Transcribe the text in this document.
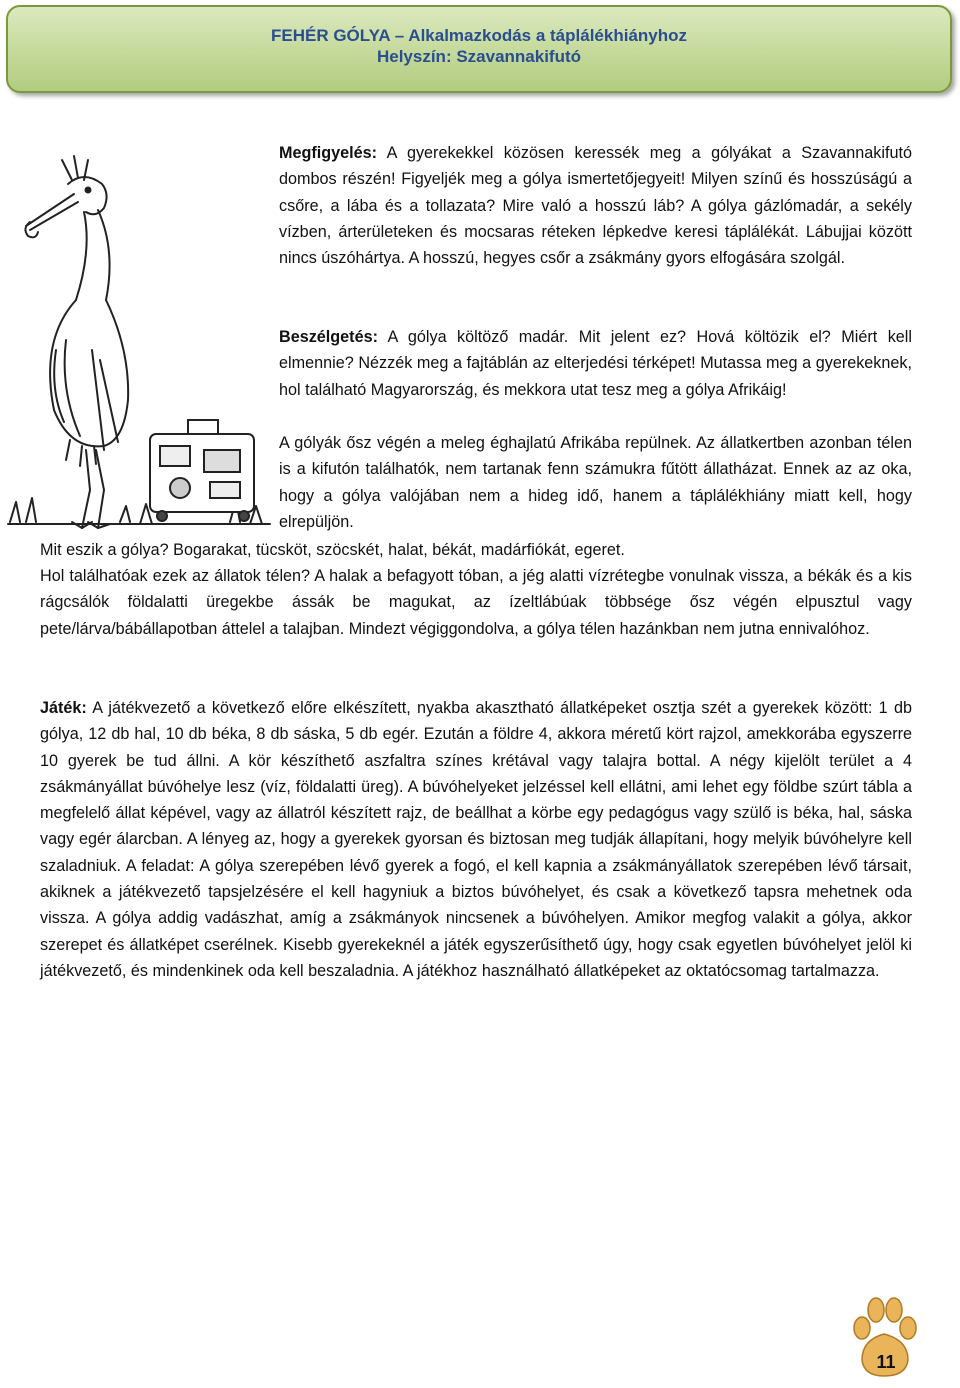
FEHÉR GÓLYA – Alkalmazkodás a táplálékhiányhoz
Helyszín: Szavannakifutó

Megfigyelés: A gyerekekkel közösen keressék meg a gólyákat a Szavannakifutó dombos részén! Figyeljék meg a gólya ismertetőjegyeit! Milyen színű és hosszúságú a csőre, a lába és a tollazata? Mire való a hosszú láb? A gólya gázlómadár, a sekély vízben, árterületeken és mocsaras réteken lépkedve keresi táplálékát. Lábujjai között nincs úszóhártya. A hosszú, hegyes csőr a zsákmány gyors elfogására szolgál.

Beszélgetés: A gólya költöző madár. Mit jelent ez? Hová költözik el? Miért kell elmennie? Nézzék meg a fajtáblán az elterjedési térképet! Mutassa meg a gyerekeknek, hol található Magyarország, és mekkora utat tesz meg a gólya Afrikáig!

A gólyák ősz végén a meleg éghajlatú Afrikába repülnek. Az állatkertben azonban télen is a kifutón találhatók, nem tartanak fenn számukra fűtött állatházat. Ennek az az oka, hogy a gólya valójában nem a hideg idő, hanem a táplálékhiány miatt kell, hogy elrepüljön.

Mit eszik a gólya? Bogarakat, tücsköt, szöcskét, halat, békát, madárfiókát, egeret.

Hol találhatóak ezek az állatok télen? A halak a befagyott tóban, a jég alatti vízrétegbe vonulnak vissza, a békák és a kis rágcsálók földalatti üregekbe ássák be magukat, az ízeltlábúak többsége ősz végén elpusztul vagy pete/lárva/bábállapotban áttelel a talajban. Mindezt végiggondolva, a gólya télen hazánkban nem jutna ennivalóhoz.

Játék: A játékvezető a következő előre elkészített, nyakba akasztható állatképeket osztja szét a gyerekek között: 1 db gólya, 12 db hal, 10 db béka, 8 db sáska, 5 db egér. Ezután a földre 4, akkora méretű kört rajzol, amekkorába egyszerre 10 gyerek be tud állni. A kör készíthető aszfaltra színes krétával vagy talajra bottal. A négy kijelölt terület a 4 zsákmányállat búvóhelye lesz (víz, földalatti üreg). A búvóhelyeket jelzéssel kell ellátni, ami lehet egy földbe szúrt tábla a megfelelő állat képével, vagy az állatról készített rajz, de beállhat a körbe egy pedagógus vagy szülő is béka, hal, sáska vagy egér álarcban. A lényeg az, hogy a gyerekek gyorsan és biztosan meg tudják állapítani, hogy melyik búvóhelyre kell szaladniuk. A feladat: A gólya szerepében lévő gyerek a fogó, el kell kapnia a zsákmányállatok szerepében lévő társait, akiknek a játékvezető tapsjelzésére el kell hagyniuk a biztos búvóhelyet, és csak a következő tapsra mehetnek oda vissza. A gólya addig vadászhat, amíg a zsákmányok nincsenek a búvóhelyen. Amikor megfog valakit a gólya, akkor szerepet és állatképet cserélnek. Kisebb gyerekeknél a játék egyszerűsíthető úgy, hogy csak egyetlen búvóhelyet jelöl ki játékvezető, és mindenkinek oda kell beszaladnia. A játékhoz használható állatképeket az oktatócsomag tartalmazza.

11
